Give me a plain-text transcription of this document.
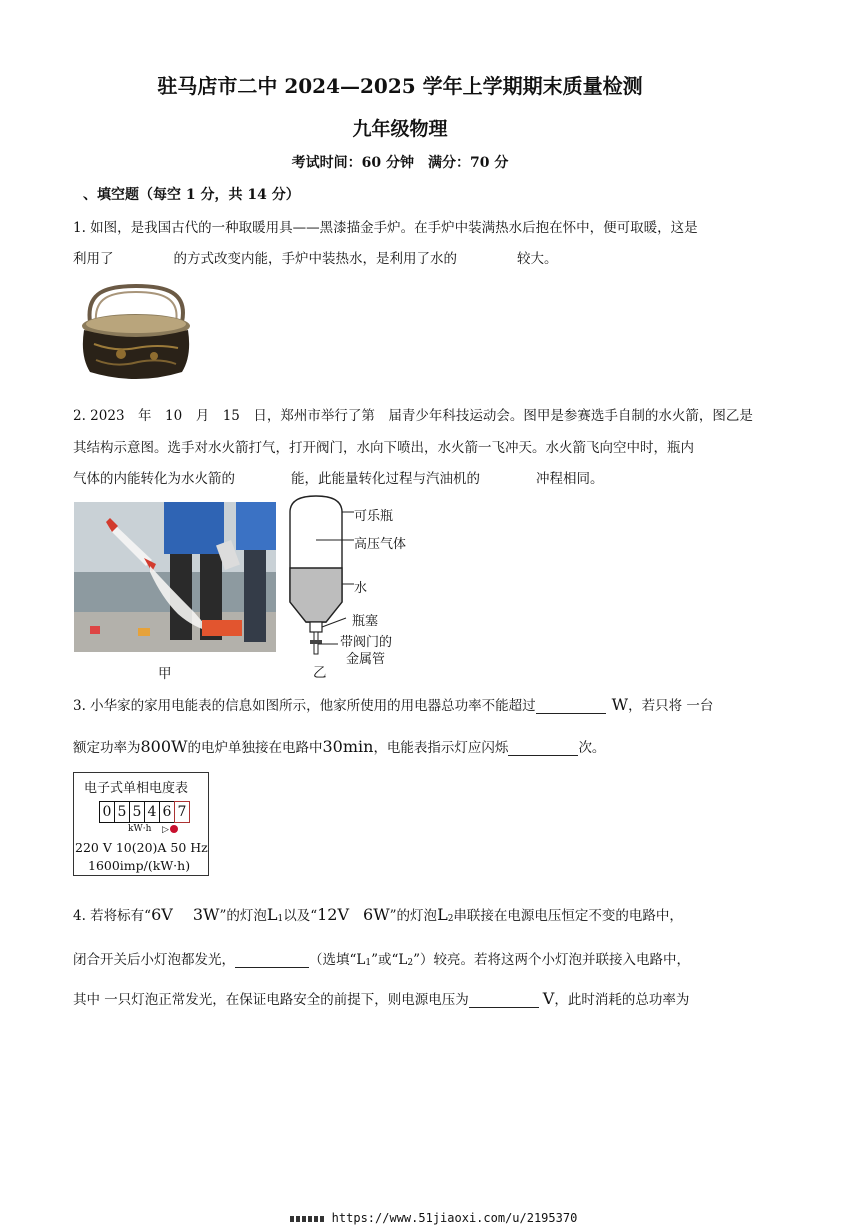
驻马店市二中 2024—2025 学年上学期期末质量检测
九年级物理
考试时间：60 分钟　满分：70 分
、填空题（每空 1 分，共 14 分）
1. 如图，是我国古代的一种取暖用具——黑漆描金手炉。在手炉中装满热水后抱在怀中，便可取暖，这是
利用了	的方式改变内能，手炉中装热水，是利用了水的	较大。
2. 2023　年　10　月　15　日，郑州市举行了第　届青少年科技运动会。图甲是参赛选手自制的水火箭，图乙是
其结构示意图。选手对水火箭打气，打开阀门，水向下喷出，水火箭一飞冲天。水火箭飞向空中时，瓶内
气体的内能转化为水火箭的	能，此能量转化过程与汽油机的	冲程相同。
甲
可乐瓶
高压气体
水
瓶塞
带阀门的
金属管
乙
3. 小华家的家用电能表的信息如图所示，他家所使用的用电器总功率不能超过	W，若只将 一台
额定功率为800W的电炉单独接在电路中30min，电能表指示灯应闪烁	次。
电子式单相电度表
0 5 5 4 6 7
kW·h ▷
220 V 10(20)A 50 Hz
1600imp/(kW·h)
4. 若将标有“6V 3W”的灯泡L1以及“12V 6W”的灯泡L2串联接在电源电压恒定不变的电路中，
闭合开关后小灯泡都发光，	（选填“L1”或“L2”）较亮。若将这两个小灯泡并联接入电路中，
其中 一只灯泡正常发光，在保证电路安全的前提下，则电源电压为	V，此时消耗的总功率为
https://www.51jiaoxi.com/u/2195370
